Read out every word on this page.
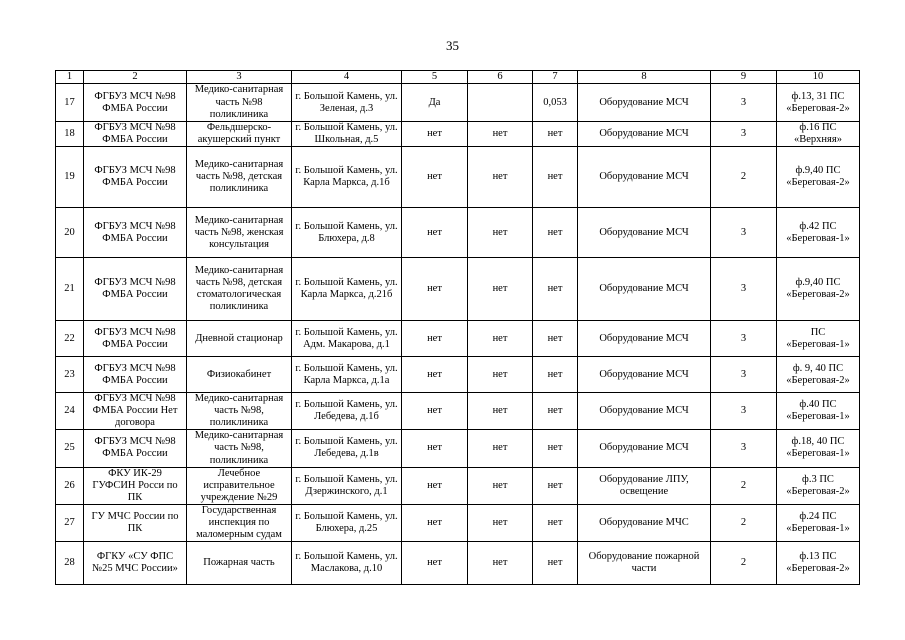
35
1	2	3	4	5	6	7	8	9	10
17	ФГБУЗ МСЧ №98 ФМБА России	Медико-санитарная часть №98 поликлиника	г. Большой Камень, ул. Зеленая, д.3	Да		0,053	Оборудование МСЧ	3	ф.13, 31 ПС «Береговая-2»
18	ФГБУЗ МСЧ №98 ФМБА России	Фельдшерско-акушерский пункт	г. Большой Камень, ул. Школьная, д.5	нет	нет	нет	Оборудование МСЧ	3	ф.16 ПС «Верхняя»
19	ФГБУЗ МСЧ №98 ФМБА России	Медико-санитарная часть №98, детская поликлиника	г. Большой Камень, ул. Карла Маркса, д.1б	нет	нет	нет	Оборудование МСЧ	2	ф.9,40 ПС «Береговая-2»
20	ФГБУЗ МСЧ №98 ФМБА России	Медико-санитарная часть №98, женская консультация	г. Большой Камень, ул. Блюхера, д.8	нет	нет	нет	Оборудование МСЧ	3	ф.42 ПС «Береговая-1»
21	ФГБУЗ МСЧ №98 ФМБА России	Медико-санитарная часть №98, детская стоматологическая поликлиника	г. Большой Камень, ул. Карла Маркса, д.21б	нет	нет	нет	Оборудование МСЧ	3	ф.9,40 ПС «Береговая-2»
22	ФГБУЗ МСЧ №98 ФМБА России	Дневной стационар	г. Большой Камень, ул. Адм. Макарова, д.1	нет	нет	нет	Оборудование МСЧ	3	ПС «Береговая-1»
23	ФГБУЗ МСЧ №98 ФМБА России	Физиокабинет	г. Большой Камень, ул. Карла Маркса, д.1а	нет	нет	нет	Оборудование МСЧ	3	ф. 9, 40 ПС «Береговая-2»
24	ФГБУЗ МСЧ №98 ФМБА России Нет договора	Медико-санитарная часть №98, поликлиника	г. Большой Камень, ул. Лебедева, д.1б	нет	нет	нет	Оборудование МСЧ	3	ф.40 ПС «Береговая-1»
25	ФГБУЗ МСЧ №98 ФМБА России	Медико-санитарная часть №98, поликлиника	г. Большой Камень, ул. Лебедева, д.1в	нет	нет	нет	Оборудование МСЧ	3	ф.18, 40 ПС «Береговая-1»
26	ФКУ ИК-29 ГУФСИН Росси по ПК	Лечебное исправительное учреждение №29	г. Большой Камень, ул. Дзержинского, д.1	нет	нет	нет	Оборудование ЛПУ, освещение	2	ф.3 ПС «Береговая-2»
27	ГУ МЧС России по ПК	Государственная инспекция по маломерным судам	г. Большой Камень, ул. Блюхера, д.25	нет	нет	нет	Оборудование МЧС	2	ф.24 ПС «Береговая-1»
28	ФГКУ «СУ ФПС №25 МЧС России»	Пожарная часть	г. Большой Камень, ул. Маслакова, д.10	нет	нет	нет	Оборудование пожарной части	2	ф.13 ПС «Береговая-2»
